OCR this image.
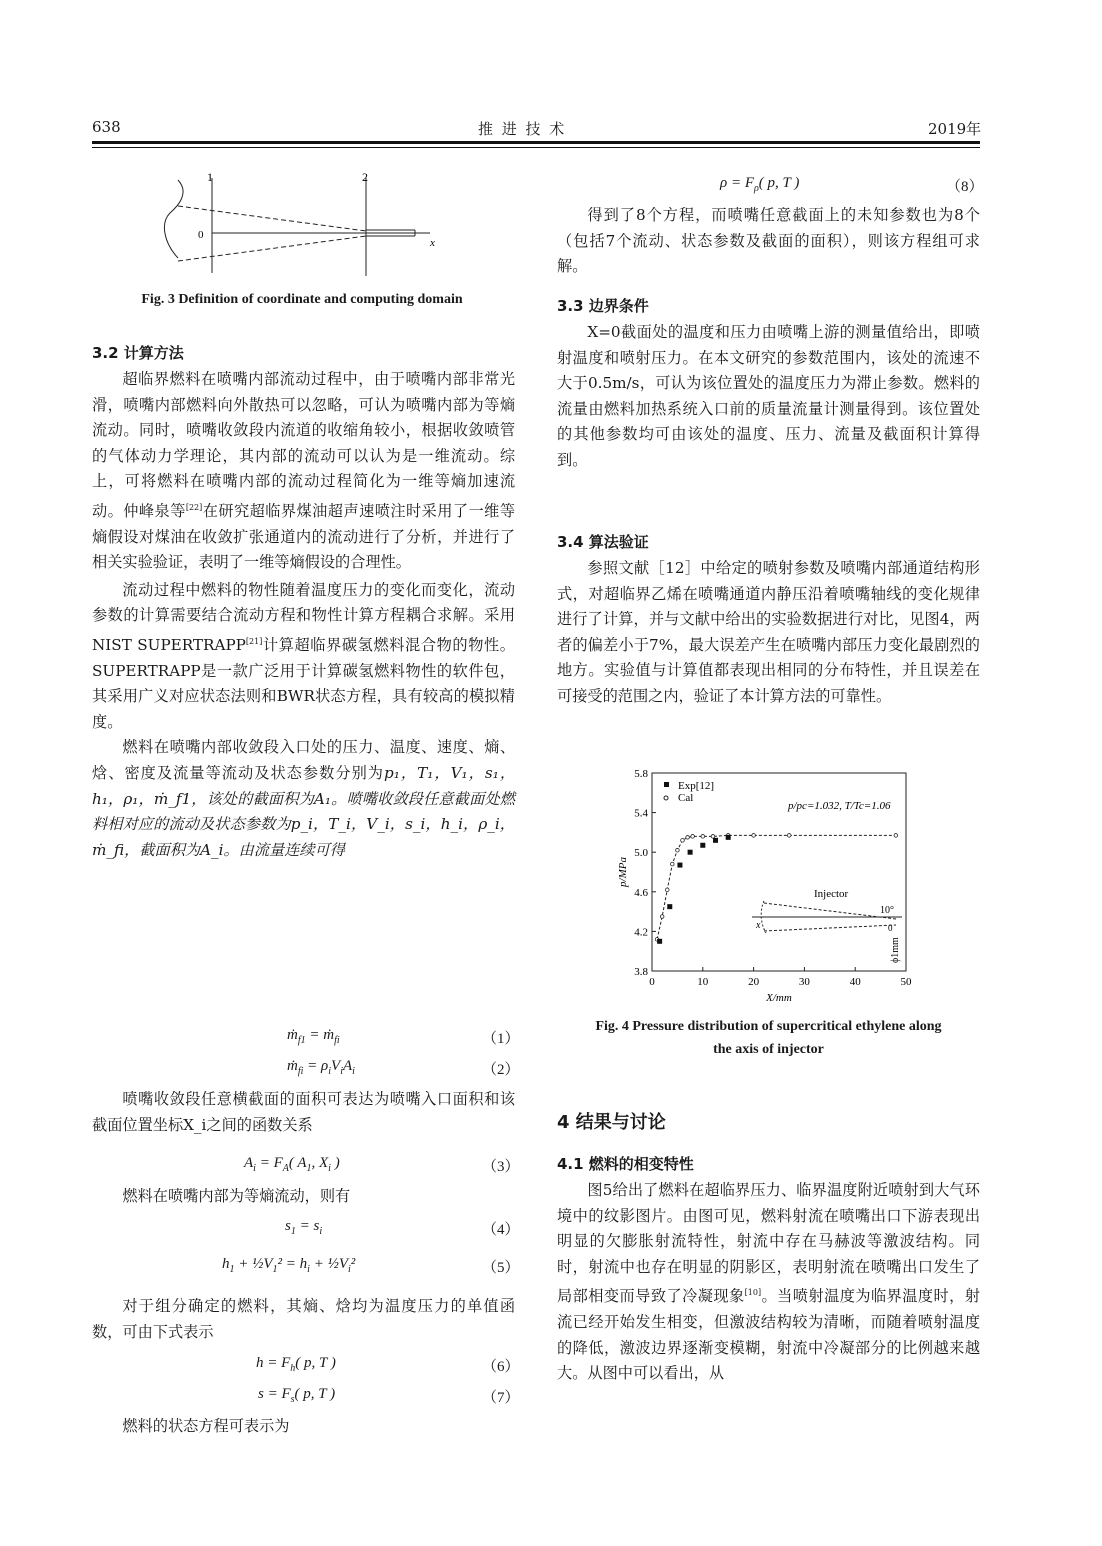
638	推 进 技 术	2019年
1	2
0
x
Fig. 3 Definition of coordinate and computing domain
3.2 计算方法

超临界燃料在喷嘴内部流动过程中，由于喷嘴内部非常光滑，喷嘴内部燃料向外散热可以忽略，可认为喷嘴内部为等熵流动。同时，喷嘴收敛段内流道的收缩角较小，根据收敛喷管的气体动力学理论，其内部的流动可以认为是一维流动。综上，可将燃料在喷嘴内部的流动过程简化为一维等熵加速流动。仲峰泉等[22]在研究超临界煤油超声速喷注时采用了一维等熵假设对煤油在收敛扩张通道内的流动进行了分析，并进行了相关实验验证，表明了一维等熵假设的合理性。

流动过程中燃料的物性随着温度压力的变化而变化，流动参数的计算需要结合流动方程和物性计算方程耦合求解。采用 NIST SUPERTRAPP[21]计算超临界碳氢燃料混合物的物性。SUPERTRAPP是一款广泛用于计算碳氢燃料物性的软件包，其采用广义对应状态法则和BWR状态方程，具有较高的模拟精度。

燃料在喷嘴内部收敛段入口处的压力、温度、速度、熵、焓、密度及流量等流动及状态参数分别为p₁，T₁，V₁，s₁，h₁，ρ₁，ṁ_f1，该处的截面积为A₁。喷嘴收敛段任意截面处燃料相对应的流动及状态参数为p_i，T_i，V_i，s_i，h_i，ρ_i，ṁ_fi，截面积为A_i。由流量连续可得

ṁ$_{f1}$ = ṁ$_{fi}$	（1）
ṁ$_{fi}$ = $\rho_iV_iA_i$	（2）

喷嘴收敛段任意横截面的面积可表达为喷嘴入口面积和该截面位置坐标X_i之间的函数关系

$A_i = F_A$( $A_1$, $X_i$ )	（3）

燃料在喷嘴内部为等熵流动，则有

$s_1 = s_i$	（4）
$h_1$ + $\frac{1}{2}V_1^2 = h_i$ + $\frac{1}{2}V_i^2$	（5）

对于组分确定的燃料，其熵、焓均为温度压力的单值函数，可由下式表示

$h = F_h$( p, T )	（6）
$s = F_s$( p, T )	（7）

燃料的状态方程可表示为

$\rho = F_\rho$( p, T )	（8）

得到了8个方程，而喷嘴任意截面上的未知参数也为8个（包括7个流动、状态参数及截面的面积），则该方程组可求解。

3.3 边界条件

X=0截面处的温度和压力由喷嘴上游的测量值给出，即喷射温度和喷射压力。在本文研究的参数范围内，该处的流速不大于0.5m/s，可认为该位置处的温度压力为滞止参数。燃料的流量由燃料加热系统入口前的质量流量计测量得到。该位置处的其他参数均可由该处的温度、压力、流量及截面积计算得到。

3.4 算法验证

参照文献［12］中给定的喷射参数及喷嘴内部通道结构形式，对超临界乙烯在喷嘴通道内静压沿着喷嘴轴线的变化规律进行了计算，并与文献中给出的实验数据进行对比，见图4，两者的偏差小于7%，最大误差产生在喷嘴内部压力变化最剧烈的地方。实验值与计算值都表现出相同的分布特性，并且误差在可接受的范围之内，验证了本计算方法的可靠性。

0	10	20	30	40	50
3.8
4.2
4.6
5.0
5.4
5.8
X/mm
p/MPa
Exp[12]
Cal
p/pc=1.032, T/Tc=1.06
Injector
x	0
10°
ϕ1mm
Fig. 4 Pressure distribution of supercritical ethylene along
the axis of injector
4 结果与讨论
4.1 燃料的相变特性

图5给出了燃料在超临界压力、临界温度附近喷射到大气环境中的纹影图片。由图可见，燃料射流在喷嘴出口下游表现出明显的欠膨胀射流特性，射流中存在马赫波等激波结构。同时，射流中也存在明显的阴影区，表明射流在喷嘴出口发生了局部相变而导致了冷凝现象[10]。当喷射温度为临界温度时，射流已经开始发生相变，但激波结构较为清晰，而随着喷射温度的降低，激波边界逐渐变模糊，射流中冷凝部分的比例越来越大。从图中可以看出，从
